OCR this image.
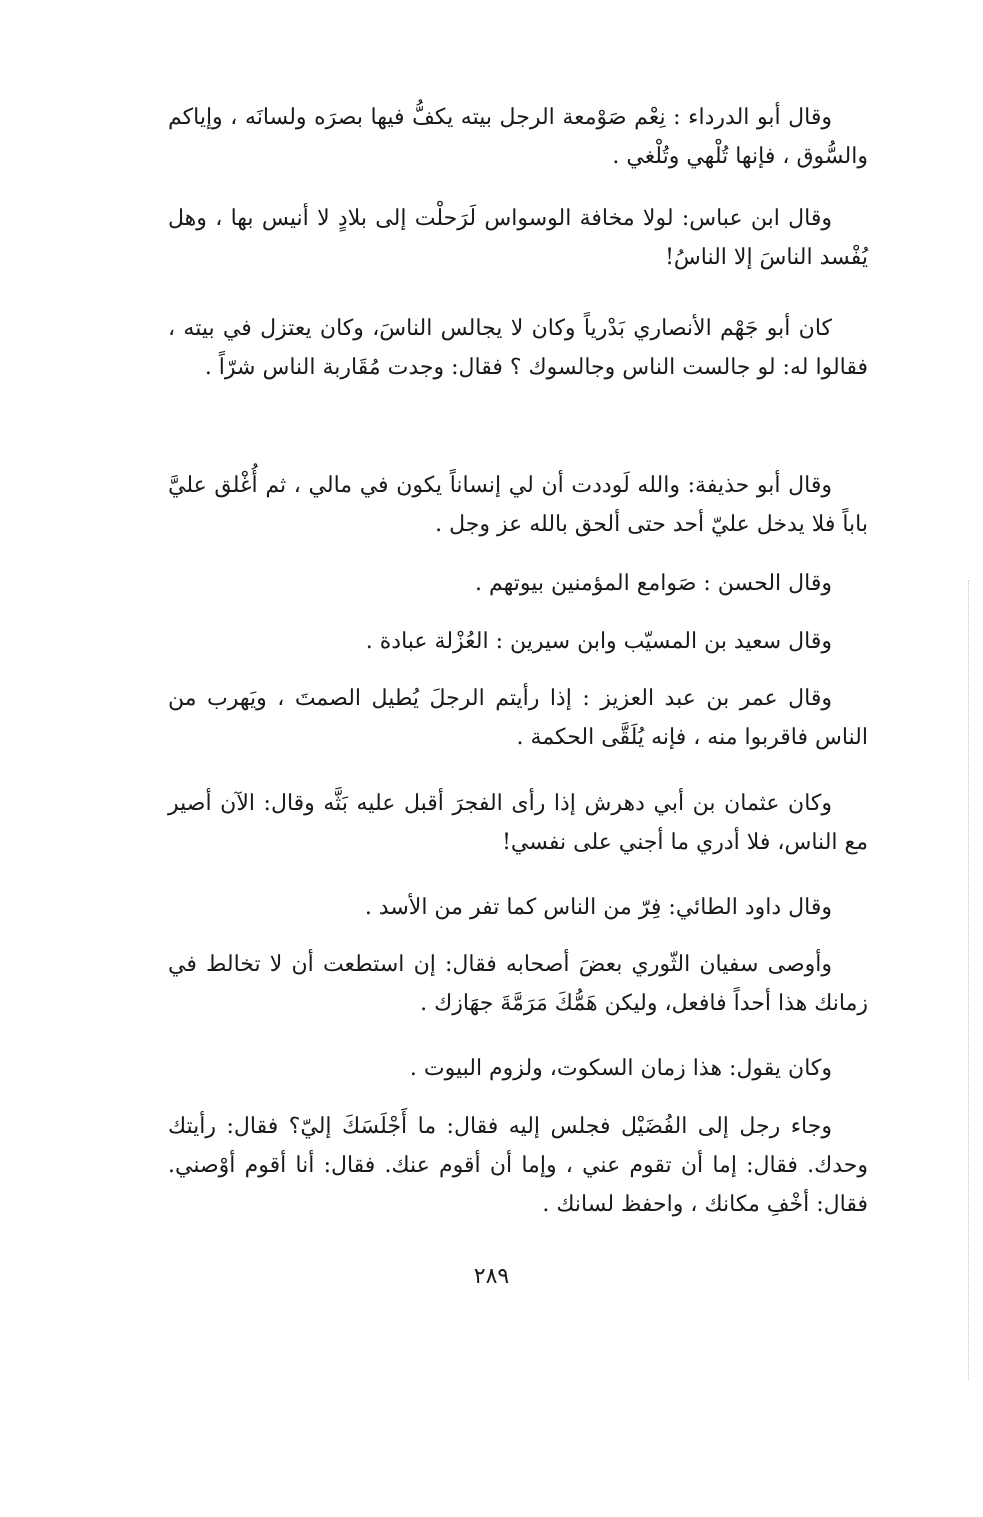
وقال أبو الدرداء : نِعْم صَوْمعة الرجل بيته يكفُّ فيها بصرَه ولسانَه ، وإياكم والسُّوق ، فإنها تُلْهي وتُلْغي .

وقال ابن عباس: لولا مخافة الوسواس لَرَحلْت إلى بلادٍ لا أنيس بها ، وهل يُفْسد الناسَ إلا الناسُ!

كان أبو جَهْم الأنصاري بَدْرياً وكان لا يجالس الناسَ، وكان يعتزل في بيته ، فقالوا له: لو جالست الناس وجالسوك ؟ فقال: وجدت مُقَاربة الناس شرّاً .

وقال أبو حذيفة: والله لَوددت أن لي إنساناً يكون في مالي ، ثم أُغْلق عليَّ باباً فلا يدخل عليّ أحد حتى ألحق بالله عز وجل .

وقال الحسن : صَوامع المؤمنين بيوتهم .

وقال سعيد بن المسيّب وابن سيرين : العُزْلة عبادة .

وقال عمر بن عبد العزيز : إذا رأيتم الرجلَ يُطيل الصمتَ ، ويَهرب من الناس فاقربوا منه ، فإنه يُلَقَّى الحكمة .

وكان عثمان بن أبي دهرش إذا رأى الفجرَ أقبل عليه بَثَّه وقال: الآن أصير مع الناس، فلا أدري ما أجني على نفسي!

وقال داود الطائي: فِرّ من الناس كما تفر من الأسد .

وأوصى سفيان الثّوري بعضَ أصحابه فقال: إن استطعت أن لا تخالط في زمانك هذا أحداً فافعل، وليكن هَمُّكَ مَرَمَّةَ جهَازك .

وكان يقول: هذا زمان السكوت، ولزوم البيوت .

وجاء رجل إلى الفُضَيْل فجلس إليه فقال: ما أَجْلَسَكَ إليّ؟ فقال: رأيتك وحدك. فقال: إما أن تقوم عني ، وإما أن أقوم عنك. فقال: أنا أقوم أوْصني. فقال: أخْفِ مكانك ، واحفظ لسانك .

٢٨٩
